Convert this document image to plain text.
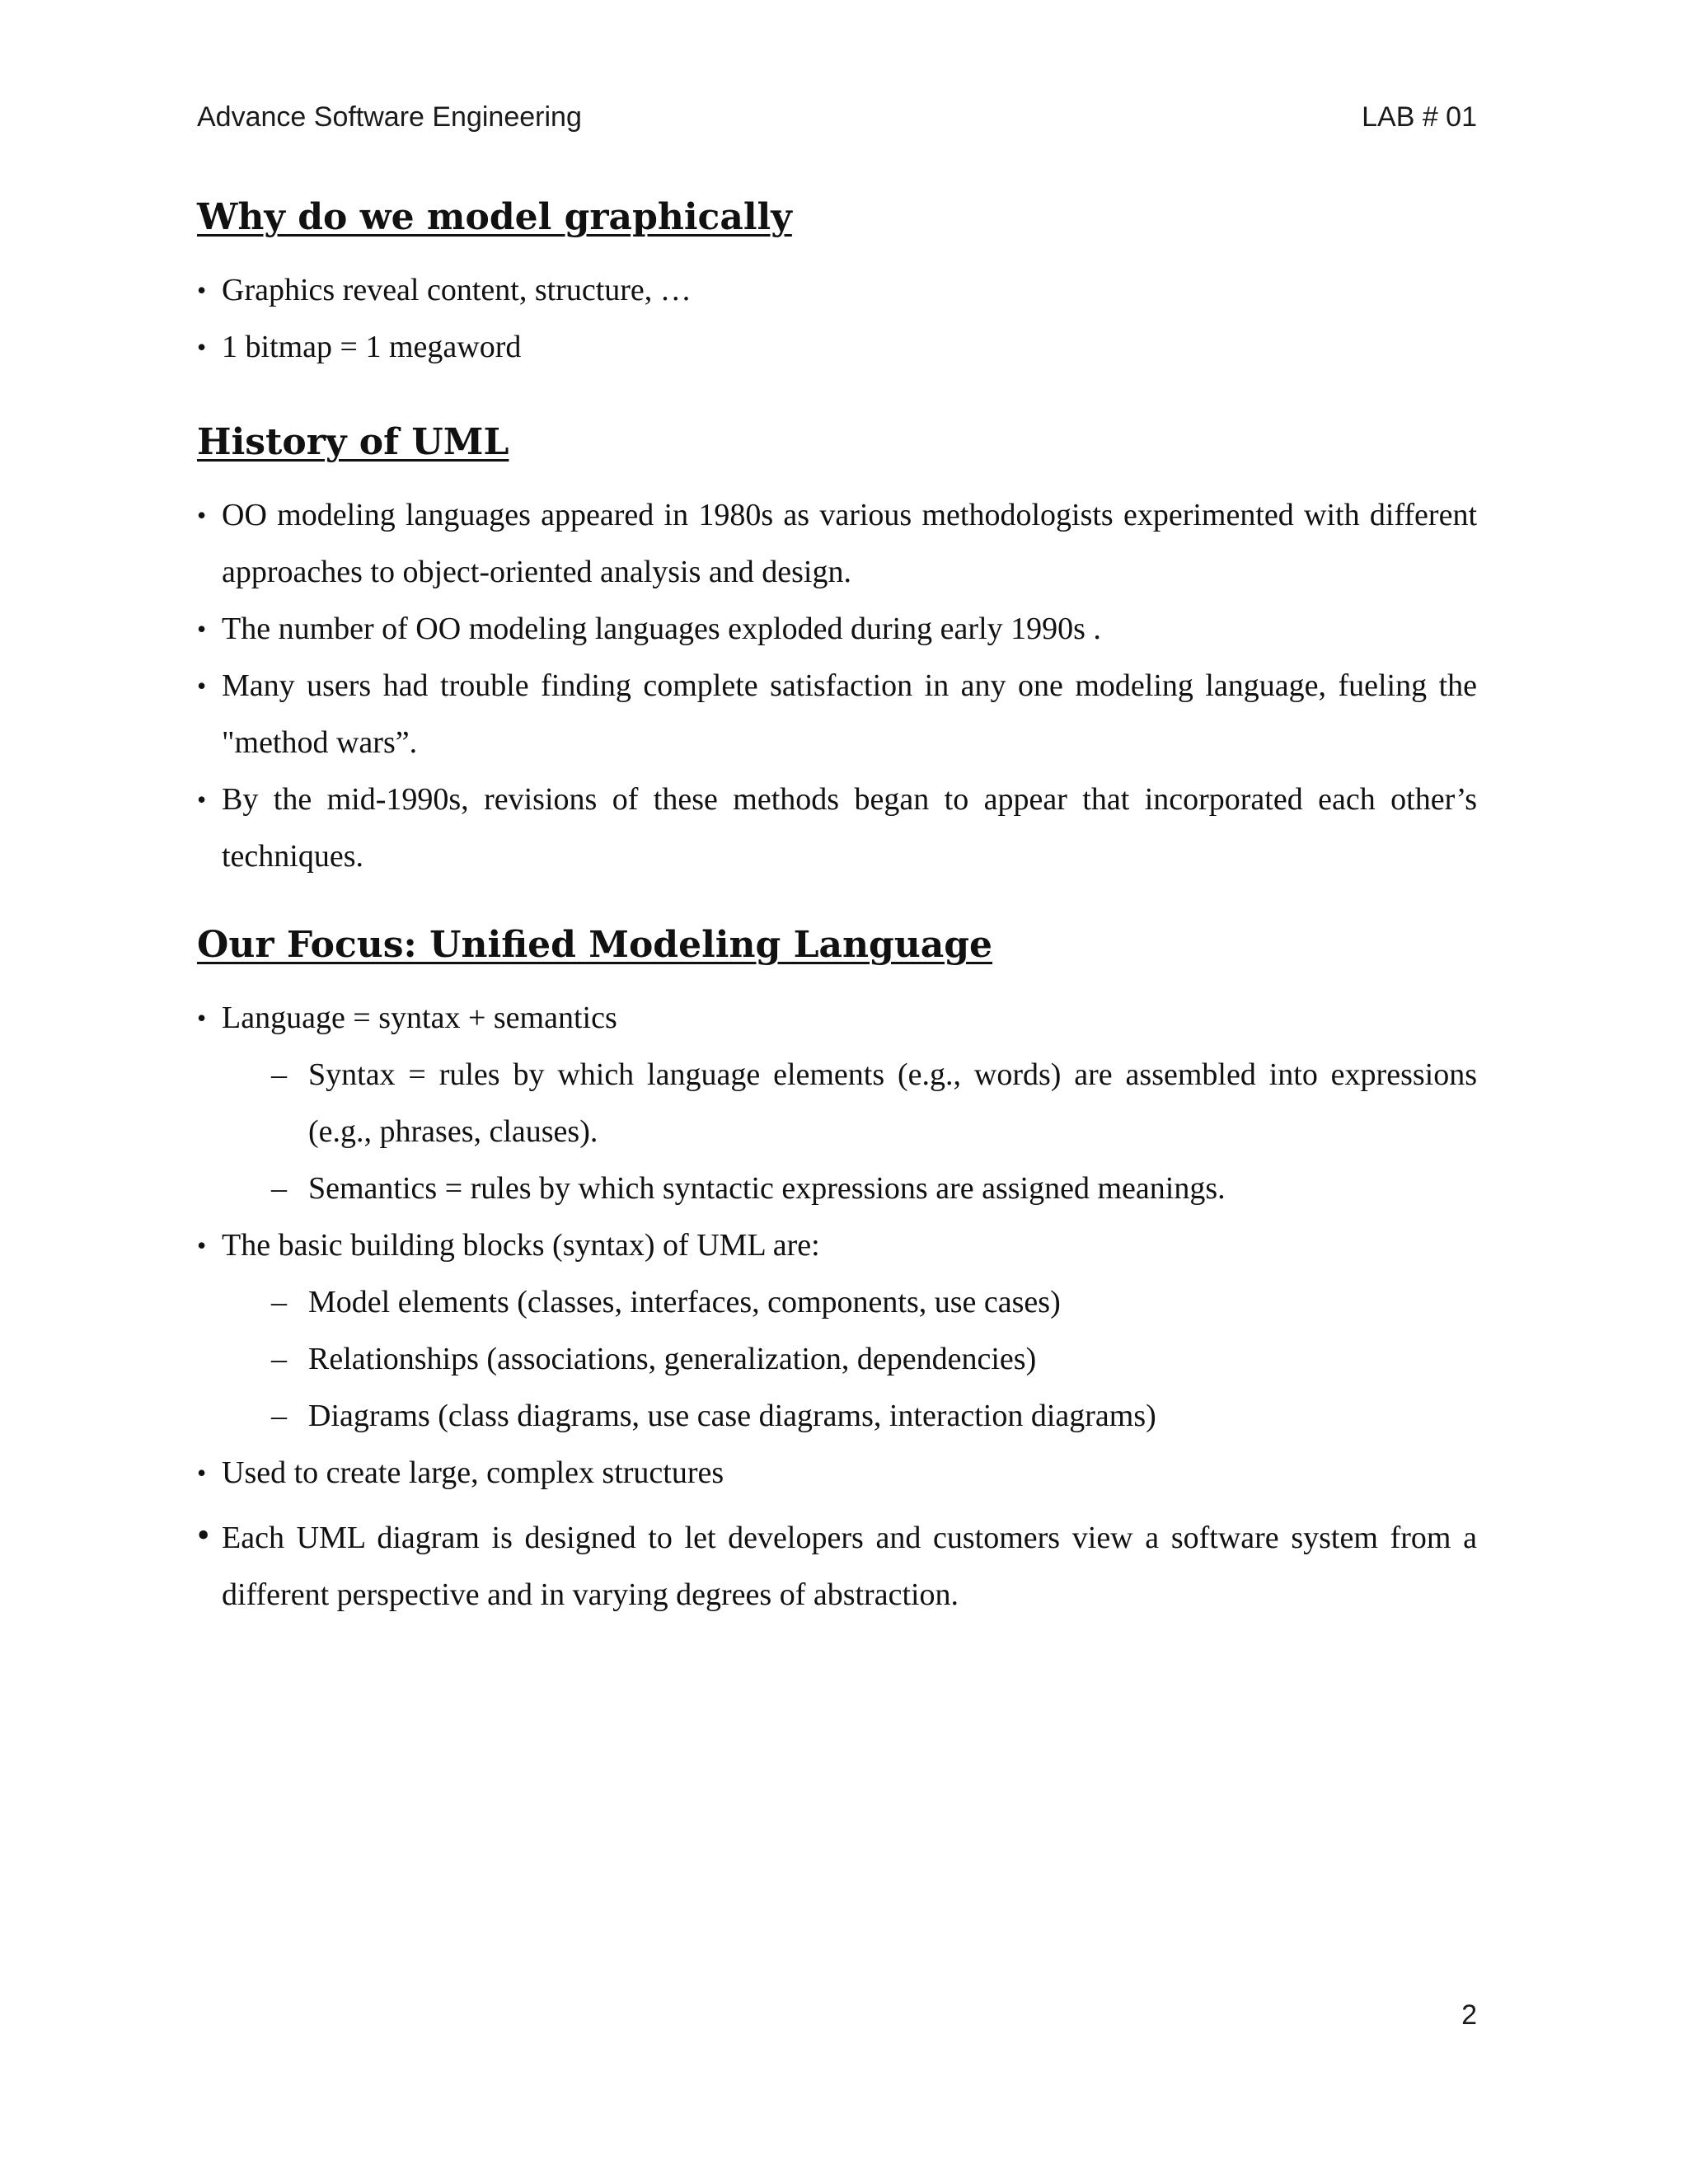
Advance Software Engineering	LAB # 01
Why do we model graphically
• Graphics reveal content, structure, …
• 1 bitmap = 1 megaword
History of UML
• OO modeling languages appeared in 1980s as various methodologists experimented with different approaches to object-oriented analysis and design.
• The number of OO modeling languages exploded during early 1990s .
• Many users had trouble finding complete satisfaction in any one modeling language, fueling the "method wars”.
• By the mid-1990s, revisions of these methods began to appear that incorporated each other’s techniques.
Our Focus: Unified Modeling Language
• Language = syntax + semantics
– Syntax = rules by which language elements (e.g., words) are assembled into expressions (e.g., phrases, clauses).
– Semantics = rules by which syntactic expressions are assigned meanings.
• The basic building blocks (syntax) of UML are:
– Model elements (classes, interfaces, components, use cases)
– Relationships (associations, generalization, dependencies)
– Diagrams (class diagrams, use case diagrams, interaction diagrams)
• Used to create large, complex structures
• Each UML diagram is designed to let developers and customers view a software system from a different perspective and in varying degrees of abstraction.
2
